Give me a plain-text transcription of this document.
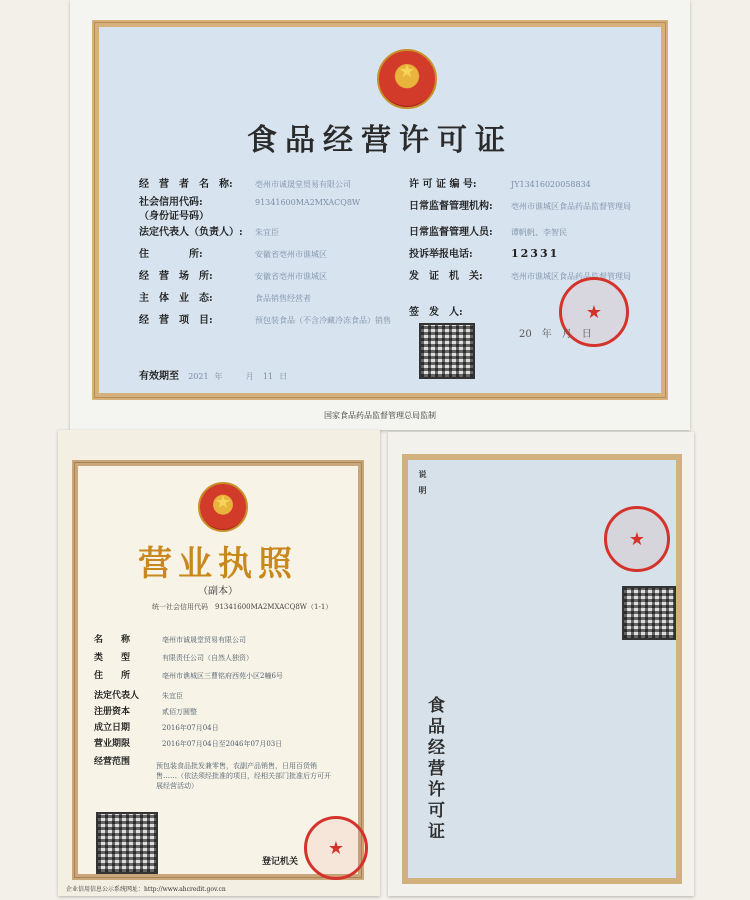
★
食品经营许可证
经　营　者　名　称:	亳州市诚晟堂贸易有限公司
社会信用代码:	91341600MA2MXACQ8W
（身份证号码）
法定代表人（负责人）: 朱宜臣
住　　　　所:	安徽省亳州市谯城区
经　营　场　所:	安徽省亳州市谯城区
主　体　业　态:	食品销售经营者
经　营　项　目:	预包装食品（不含冷藏冷冻食品）销售
许 可 证 编 号:	JY13416020058834
日常监督管理机构: 亳州市谯城区食品药品监督管理局
日常监督管理人员: 谭帆帆、李智民
投诉举报电话:	12331
发　证　机　关:	亳州市谯城区食品药品监督管理局
签　发　人:	★
20　年　月　日
有效期至 2021 年	月 11 日
国家食品药品监督管理总局监制
★
营业执照
（副本）
统一社会信用代码　 91341600MA2MXACQ8W（1-1）
名　　称	亳州市诚晟堂贸易有限公司
类　　型	有限责任公司（自然人独资）
住　　所	亳州市谯城区三曹铭府西苑小区2幢6号
法定代表人	朱宜臣
注册资本	贰佰万圆整
成立日期	2016年07月04日
营业期限	2016年07月04日至2046年07月03日
经营范围	预包装食品批发兼零售，农副产品销售，日用百货销售……（依法须经批准的项目，经相关部门批准后方可开展经营活动）
登记机关
★
企业信用信息公示系统网址：http://www.ahcredit.gov.cn
说　明
★
食品经营许可证
